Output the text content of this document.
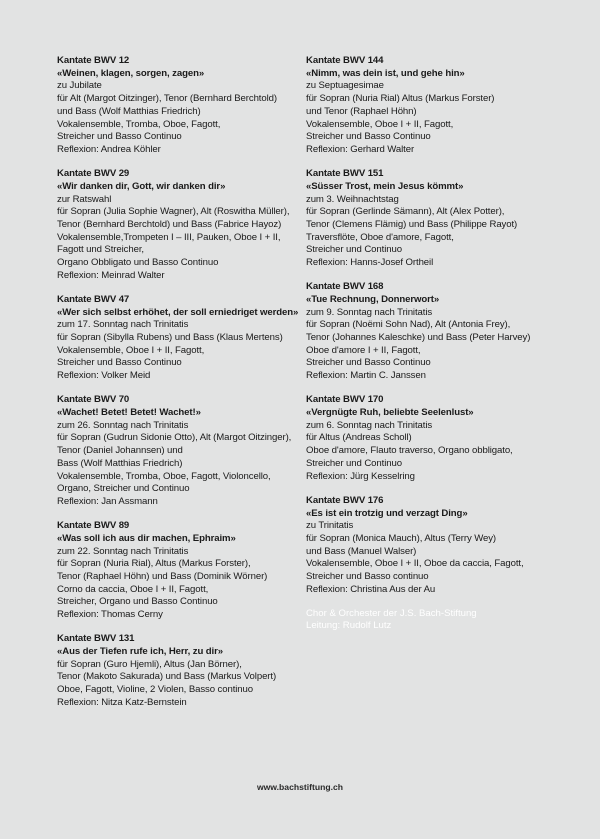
Kantate BWV 12
«Weinen, klagen, sorgen, zagen»
zu Jubilate
für Alt (Margot Oitzinger), Tenor (Bernhard Berchtold)
und Bass (Wolf Matthias Friedrich)
Vokalensemble, Tromba, Oboe, Fagott,
Streicher und Basso Continuo
Reflexion: Andrea Köhler
Kantate BWV 29
«Wir danken dir, Gott, wir danken dir»
zur Ratswahl
für Sopran (Julia Sophie Wagner), Alt (Roswitha Müller),
Tenor (Bernhard Berchtold) und Bass (Fabrice Hayoz)
Vokalensemble,Trompeten I – III, Pauken, Oboe I + II,
Fagott und Streicher,
Organo Obbligato und Basso Continuo
Reflexion: Meinrad Walter
Kantate BWV 47
«Wer sich selbst erhöhet, der soll erniedriget werden»
zum 17. Sonntag nach Trinitatis
für Sopran (Sibylla Rubens) und Bass (Klaus Mertens)
Vokalensemble, Oboe I + II, Fagott,
Streicher und Basso Continuo
Reflexion: Volker Meid
Kantate BWV 70
«Wachet! Betet! Betet! Wachet!»
zum 26. Sonntag nach Trinitatis
für Sopran (Gudrun Sidonie Otto), Alt (Margot Oitzinger),
Tenor (Daniel Johannsen) und
Bass (Wolf Matthias Friedrich)
Vokalensemble, Tromba, Oboe, Fagott, Violoncello,
Organo, Streicher und Continuo
Reflexion: Jan Assmann
Kantate BWV 89
«Was soll ich aus dir machen, Ephraim»
zum 22. Sonntag nach Trinitatis
für Sopran (Nuria Rial), Altus (Markus Forster),
Tenor (Raphael Höhn) und Bass (Dominik Wörner)
Corno da caccia, Oboe I + II, Fagott,
Streicher, Organo und Basso Continuo
Reflexion: Thomas Cerny
Kantate BWV 131
«Aus der Tiefen rufe ich, Herr, zu dir»
für Sopran (Guro Hjemli), Altus (Jan Börner),
Tenor (Makoto Sakurada) und Bass (Markus Volpert)
Oboe, Fagott, Violine, 2 Violen, Basso continuo
Reflexion: Nitza Katz-Bernstein
Kantate BWV 144
«Nimm, was dein ist, und gehe hin»
zu Septuagesimae
für Sopran (Nuria Rial) Altus (Markus Forster)
und Tenor (Raphael Höhn)
Vokalensemble, Oboe I + II, Fagott,
Streicher und Basso Continuo
Reflexion: Gerhard Walter
Kantate BWV 151
«Süsser Trost, mein Jesus kömmt»
zum 3. Weihnachtstag
für Sopran (Gerlinde Sämann), Alt (Alex Potter),
Tenor (Clemens Flämig) und Bass (Philippe Rayot)
Traversflöte, Oboe d'amore, Fagott,
Streicher und Continuo
Reflexion: Hanns-Josef Ortheil
Kantate BWV 168
«Tue Rechnung, Donnerwort»
zum 9. Sonntag nach Trinitatis
für Sopran (Noëmi Sohn Nad), Alt (Antonia Frey),
Tenor (Johannes Kaleschke) und Bass (Peter Harvey)
Oboe d'amore I + II, Fagott,
Streicher und Basso Continuo
Reflexion: Martin C. Janssen
Kantate BWV 170
«Vergnügte Ruh, beliebte Seelenlust»
zum 6. Sonntag nach Trinitatis
für Altus (Andreas Scholl)
Oboe d'amore, Flauto traverso, Organo obbligato,
Streicher und Continuo
Reflexion: Jürg Kesselring
Kantate BWV 176
«Es ist ein trotzig und verzagt Ding»
zu Trinitatis
für Sopran (Monica Mauch), Altus (Terry Wey)
und Bass (Manuel Walser)
Vokalensemble, Oboe I + II, Oboe da caccia, Fagott,
Streicher und Basso continuo
Reflexion: Christina Aus der Au
Chor & Orchester der J.S. Bach-Stiftung
Leitung: Rudolf Lutz
www.bachstiftung.ch
